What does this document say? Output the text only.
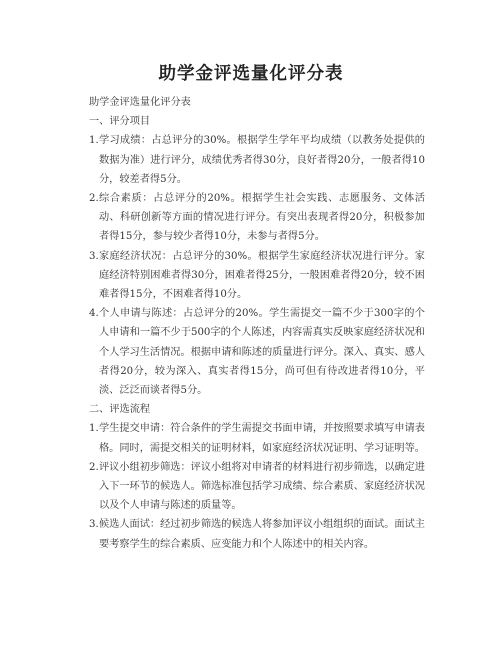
助学金评选量化评分表
助学金评选量化评分表
一、评分项目
1. 学习成绩：占总评分的30%。根据学生学年平均成绩（以教务处提供的数据为准）进行评分，成绩优秀者得30分，良好者得20分，一般者得10分，较差者得5分。
2. 综合素质：占总评分的20%。根据学生社会实践、志愿服务、文体活动、科研创新等方面的情况进行评分。有突出表现者得20分，积极参加者得15分，参与较少者得10分，未参与者得5分。
3. 家庭经济状况：占总评分的30%。根据学生家庭经济状况进行评分。家庭经济特别困难者得30分，困难者得25分，一般困难者得20分，较不困难者得15分，不困难者得10分。
4. 个人申请与陈述：占总评分的20%。学生需提交一篇不少于300字的个人申请和一篇不少于500字的个人陈述，内容需真实反映家庭经济状况和个人学习生活情况。根据申请和陈述的质量进行评分。深入、真实、感人者得20分，较为深入、真实者得15分，尚可但有待改进者得10分，平淡、泛泛而谈者得5分。
二、评选流程
1. 学生提交申请：符合条件的学生需提交书面申请，并按照要求填写申请表格。同时，需提交相关的证明材料，如家庭经济状况证明、学习证明等。
2. 评议小组初步筛选：评议小组将对申请者的材料进行初步筛选，以确定进入下一环节的候选人。筛选标准包括学习成绩、综合素质、家庭经济状况以及个人申请与陈述的质量等。
3. 候选人面试：经过初步筛选的候选人将参加评议小组组织的面试。面试主要考察学生的综合素质、应变能力和个人陈述中的相关内容。
